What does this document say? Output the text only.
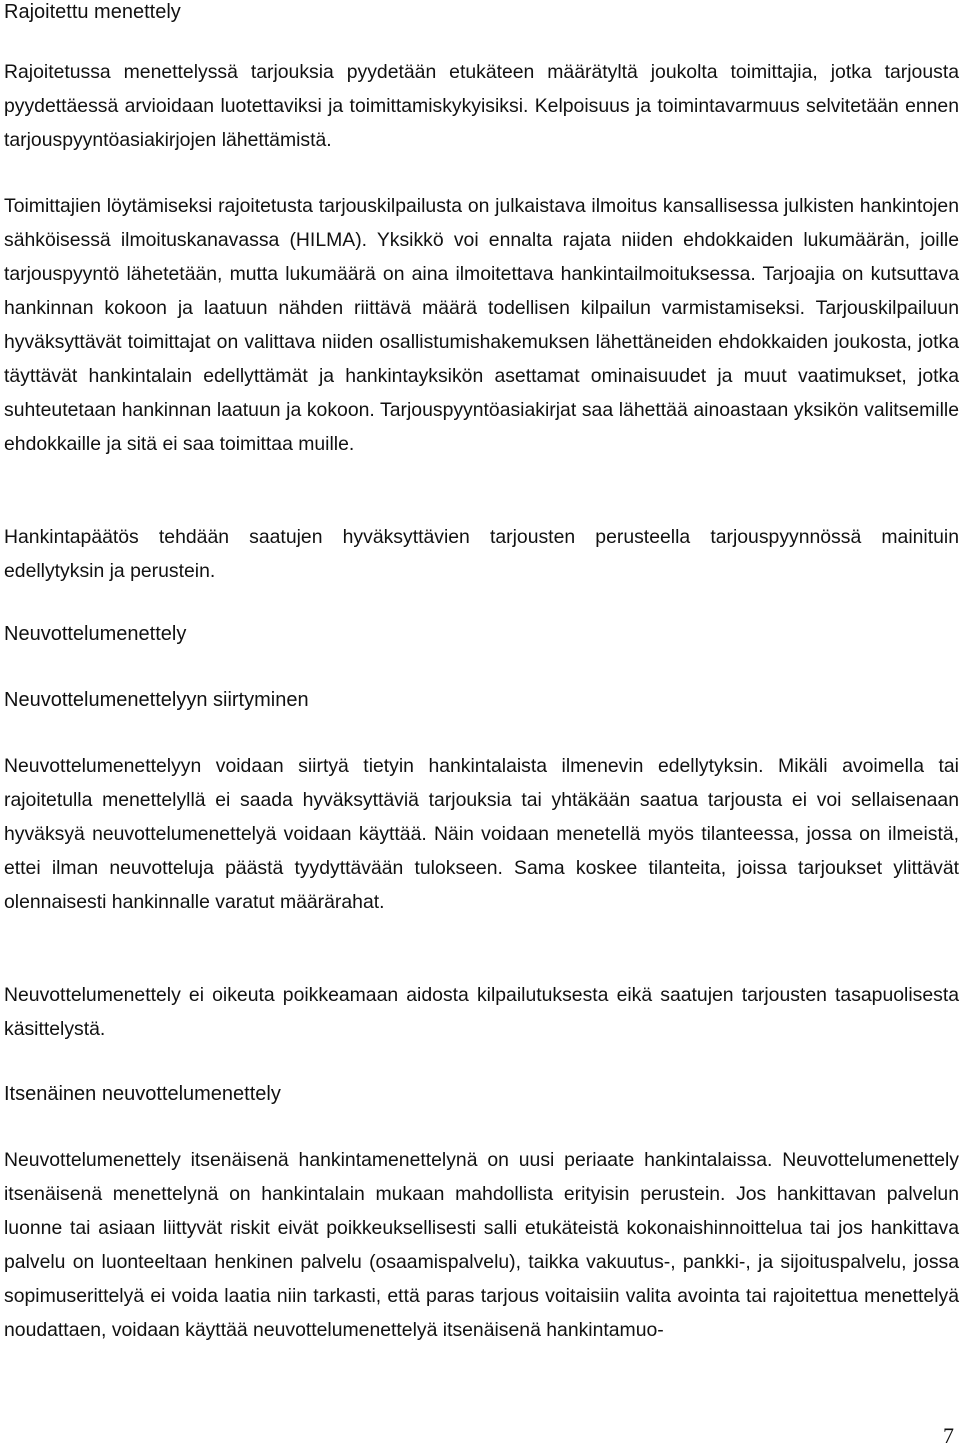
Rajoitettu menettely

Rajoitetussa menettelyssä tarjouksia pyydetään etukäteen määrätyltä joukolta toimittajia, jotka tarjousta pyydettäessä arvioidaan luotettaviksi ja toimittamiskykyisiksi. Kelpoisuus ja toimintavarmuus selvitetään ennen tarjouspyyntöasiakirjojen lähettämistä.

Toimittajien löytämiseksi rajoitetusta tarjouskilpailusta on julkaistava ilmoitus kansallisessa julkisten hankintojen sähköisessä ilmoituskanavassa (HILMA). Yksikkö voi ennalta rajata niiden ehdokkaiden lukumäärän, joille tarjouspyyntö lähetetään, mutta lukumäärä on aina ilmoitettava hankintailmoituksessa. Tarjoajia on kutsuttava hankinnan kokoon ja laatuun nähden riittävä määrä todellisen kilpailun varmistamiseksi. Tarjouskilpailuun hyväksyttävät toimittajat on valittava niiden osallistumishakemuksen lähettäneiden ehdokkaiden joukosta, jotka täyttävät hankintalain edellyttämät ja hankintayksikön asettamat ominaisuudet ja muut vaatimukset, jotka suhteutetaan hankinnan laatuun ja kokoon. Tarjouspyyntöasiakirjat saa lähettää ainoastaan yksikön valitsemille ehdokkaille ja sitä ei saa toimittaa muille.

Hankintapäätös tehdään saatujen hyväksyttävien tarjousten perusteella tarjouspyynnössä mainituin edellytyksin ja perustein.

Neuvottelumenettely
Neuvottelumenettelyyn siirtyminen

Neuvottelumenettelyyn voidaan siirtyä tietyin hankintalaista ilmenevin edellytyksin. Mikäli avoimella tai rajoitetulla menettelyllä ei saada hyväksyttäviä tarjouksia tai yhtäkään saatua tarjousta ei voi sellaisenaan hyväksyä neuvottelumenettelyä voidaan käyttää. Näin voidaan menetellä myös tilanteessa, jossa on ilmeistä, ettei ilman neuvotteluja päästä tyydyttävään tulokseen. Sama koskee tilanteita, joissa tarjoukset ylittävät olennaisesti hankinnalle varatut määrärahat.

Neuvottelumenettely ei oikeuta poikkeamaan aidosta kilpailutuksesta eikä saatujen tarjousten tasapuolisesta käsittelystä.

Itsenäinen neuvottelumenettely

Neuvottelumenettely itsenäisenä hankintamenettelynä on uusi periaate hankintalaissa. Neuvottelumenettely itsenäisenä menettelynä on hankintalain mukaan mahdollista erityisin perustein. Jos hankittavan palvelun luonne tai asiaan liittyvät riskit eivät poikkeuksellisesti salli etukäteistä kokonaishinnoittelua tai jos hankittava palvelu on luonteeltaan henkinen palvelu (osaamispalvelu), taikka vakuutus-, pankki-, ja sijoituspalvelu, jossa sopimuserittelyä ei voida laatia niin tarkasti, että paras tarjous voitaisiin valita avointa tai rajoitettua menettelyä noudattaen, voidaan käyttää neuvottelumenettelyä itsenäisenä hankintamuo-

7
